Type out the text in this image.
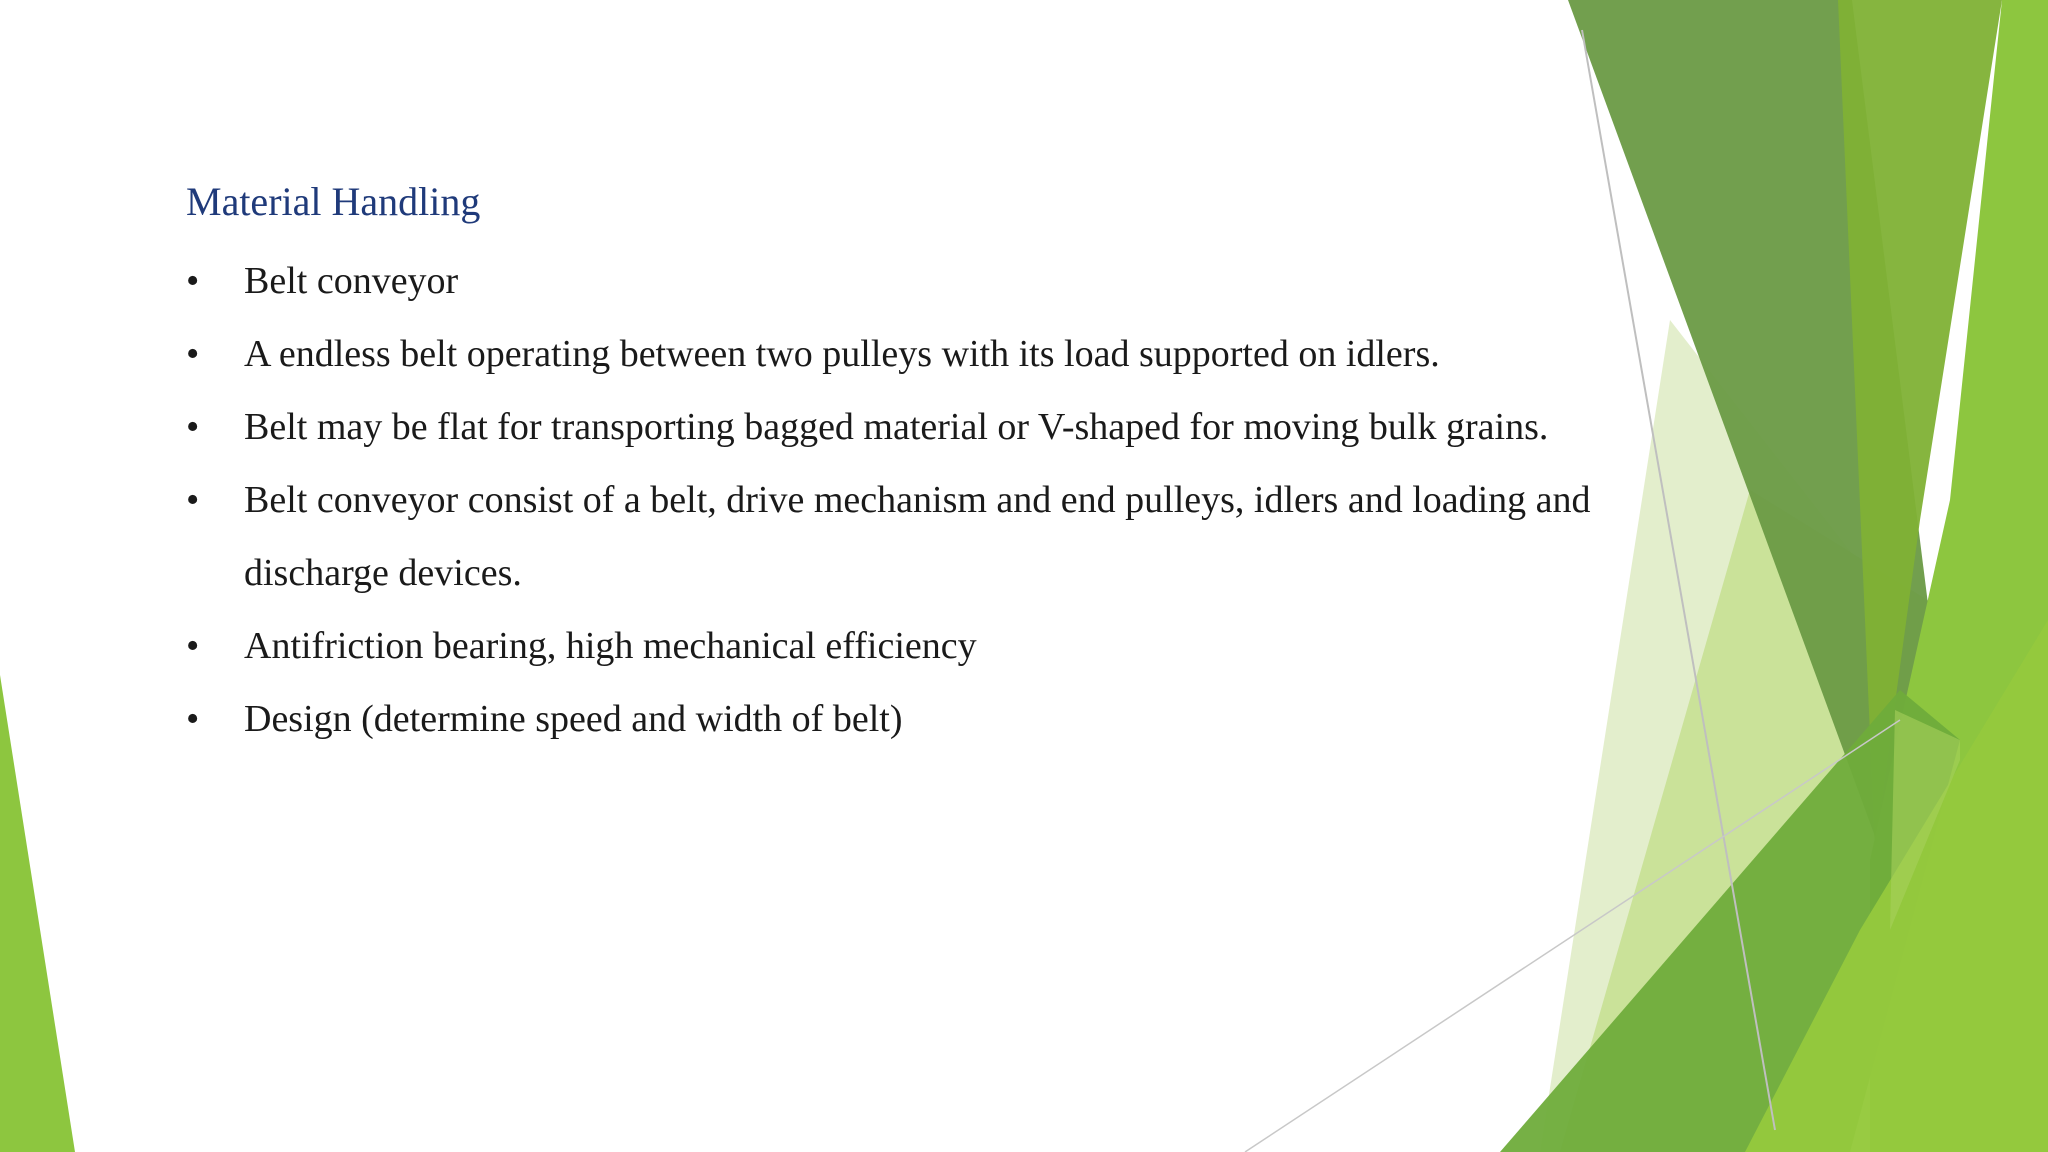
Material Handling
•	Belt conveyor
•	A endless belt operating between two pulleys with its load supported on idlers.
•	Belt may be flat for transporting bagged material or V-shaped for moving bulk grains.
•	Belt conveyor consist of a belt, drive mechanism and end pulleys, idlers and loading and discharge devices.
•	Antifriction bearing, high mechanical efficiency
•	Design (determine speed and width of belt)
